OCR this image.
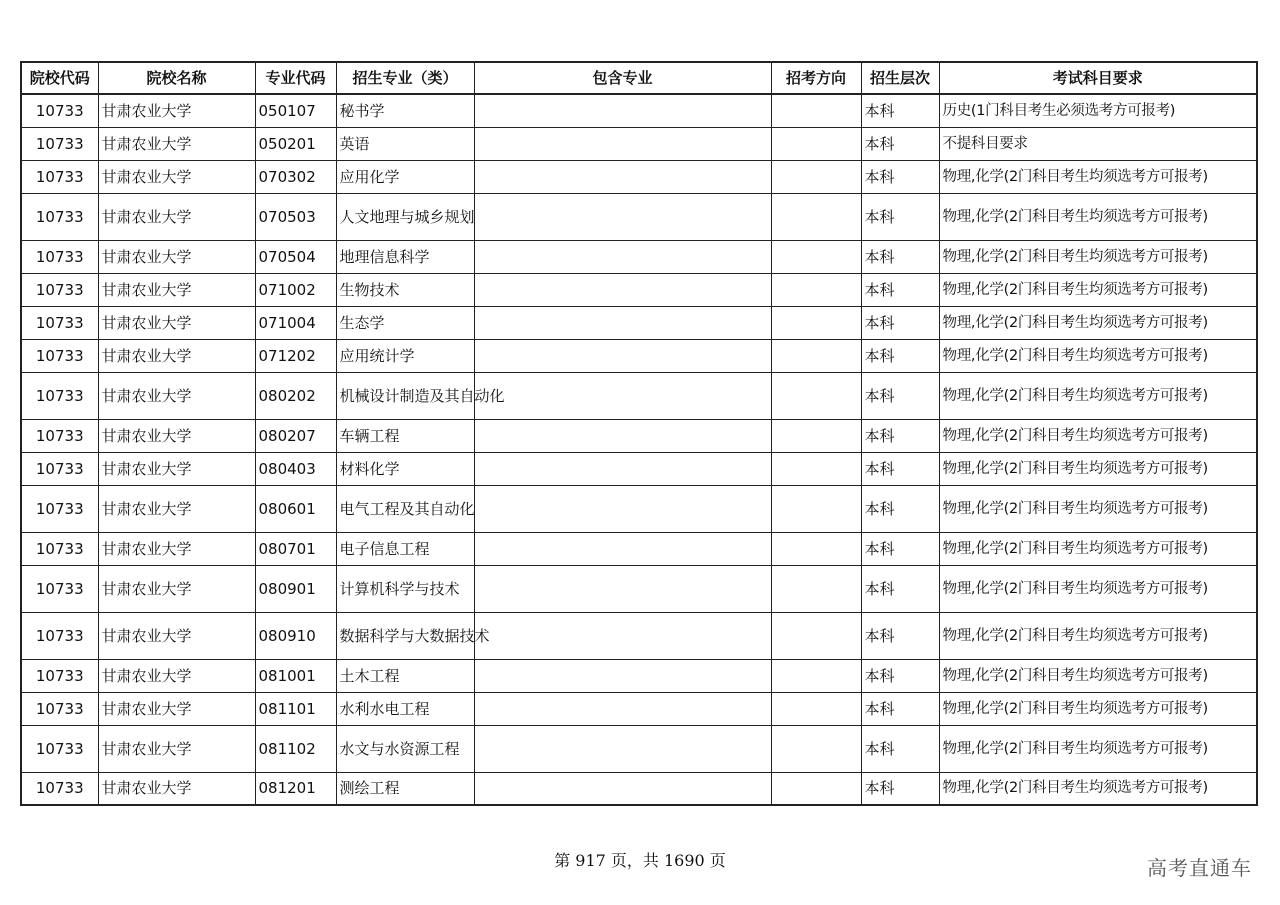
院校代码	院校名称	专业代码	招生专业（类）	包含专业	招考方向	招生层次	考试科目要求
10733	甘肃农业大学	050107	秘书学			本科	历史(1门科目考生必须选考方可报考)
10733	甘肃农业大学	050201	英语			本科	不提科目要求
10733	甘肃农业大学	070302	应用化学			本科	物理,化学(2门科目考生均须选考方可报考)
10733	甘肃农业大学	070503	人文地理与城乡规划			本科	物理,化学(2门科目考生均须选考方可报考)
10733	甘肃农业大学	070504	地理信息科学			本科	物理,化学(2门科目考生均须选考方可报考)
10733	甘肃农业大学	071002	生物技术			本科	物理,化学(2门科目考生均须选考方可报考)
10733	甘肃农业大学	071004	生态学			本科	物理,化学(2门科目考生均须选考方可报考)
10733	甘肃农业大学	071202	应用统计学			本科	物理,化学(2门科目考生均须选考方可报考)
10733	甘肃农业大学	080202	机械设计制造及其自动化			本科	物理,化学(2门科目考生均须选考方可报考)
10733	甘肃农业大学	080207	车辆工程			本科	物理,化学(2门科目考生均须选考方可报考)
10733	甘肃农业大学	080403	材料化学			本科	物理,化学(2门科目考生均须选考方可报考)
10733	甘肃农业大学	080601	电气工程及其自动化			本科	物理,化学(2门科目考生均须选考方可报考)
10733	甘肃农业大学	080701	电子信息工程			本科	物理,化学(2门科目考生均须选考方可报考)
10733	甘肃农业大学	080901	计算机科学与技术			本科	物理,化学(2门科目考生均须选考方可报考)
10733	甘肃农业大学	080910	数据科学与大数据技术			本科	物理,化学(2门科目考生均须选考方可报考)
10733	甘肃农业大学	081001	土木工程			本科	物理,化学(2门科目考生均须选考方可报考)
10733	甘肃农业大学	081101	水利水电工程			本科	物理,化学(2门科目考生均须选考方可报考)
10733	甘肃农业大学	081102	水文与水资源工程			本科	物理,化学(2门科目考生均须选考方可报考)
10733	甘肃农业大学	081201	测绘工程			本科	物理,化学(2门科目考生均须选考方可报考)
第 917 页，共 1690 页	高考直通车
